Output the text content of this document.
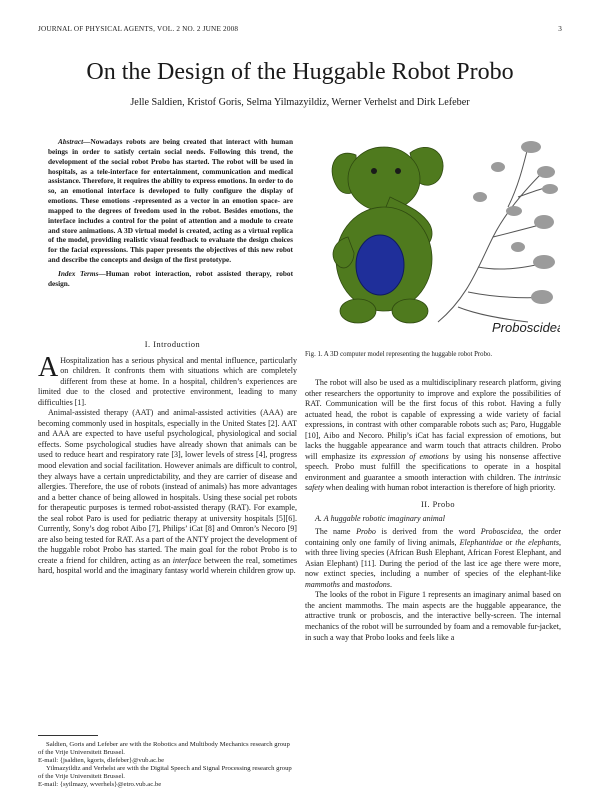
JOURNAL OF PHYSICAL AGENTS, VOL. 2 NO. 2 JUNE 2008	3
On the Design of the Huggable Robot Probo
Jelle Saldien, Kristof Goris, Selma Yilmazyildiz, Werner Verhelst and Dirk Lefeber

Abstract—Nowadays robots are being created that interact with human beings in order to satisfy certain social needs. Following this trend, the development of the social robot Probo has started. The robot will be used in hospitals, as a tele-interface for entertainment, communication and medical assistance. Therefore, it requires the ability to express emotions. In order to do so, an emotional interface is developed to fully configure the display of emotions. These emotions -represented as a vector in an emotion space- are mapped to the degrees of freedom used in the robot. Besides emotions, the interface includes a control for the point of attention and a module to create and store animations. A 3D virtual model is created, acting as a virtual replica of the model, providing realistic visual feedback to evaluate the design choices for the facial expressions. This paper presents the objectives of this new robot and describe the concepts and design of the first prototype.

Index Terms—Human robot interaction, robot assisted therapy, robot design.

Proboscidea
Fig. 1. A 3D computer model representing the huggable robot Probo.

I. Introduction

A Hospitalization has a serious physical and mental influence, particularly on children. It confronts them with situations which are completely different from these at home. In a hospital, children’s experiences are limited due to the closed and protective environment, leading to many difficulties [1].

Animal-assisted therapy (AAT) and animal-assisted activities (AAA) are becoming commonly used in hospitals, especially in the United States [2]. AAT and AAA are expected to have useful psychological, physiological and social effects. Some psychological studies have already shown that animals can be used to reduce heart and respiratory rate [3], lower levels of stress [4], progress mood elevation and social facilitation. However animals are difficult to control, they always have a certain unpredictability, and they are carrier of disease and allergies. Therefore, the use of robots (instead of animals) has more advantages and a better chance of being allowed in hospitals. Using these social pet robots for therapeutic purposes is termed robot-assisted therapy (RAT). For example, the seal robot Paro is used for pediatric therapy at university hospitals [5][6]. Currently, Sony’s dog robot Aibo [7], Philips’ iCat [8] and Omron’s Necoro [9] are also being tested for RAT. As a part of the ANTY project the development of the huggable robot Probo has started. The main goal for the robot Probo is to create a friend for children, acting as an interface between the real, sometimes hard, hospital world and the imaginary fantasy world wherein children grow up.

Saldien, Goris and Lefeber are with the Robotics and Multibody Mechanics research group of the Vrije Universiteit Brussel.
E-mail: {jsaldien, kgoris, dlefeber}@vub.ac.be
Yilmazyildiz and Verhelst are with the Digital Speech and Signal Processing research group of the Vrije Universiteit Brussel.
E-mail: {syilmazy, wverhels}@etro.vub.ac.be

The robot will also be used as a multidisciplinary research platform, giving other researchers the opportunity to improve and explore the possibilities of RAT. Communication will be the first focus of this robot. Having a fully actuated head, the robot is capable of expressing a wide variety of facial expressions, in contrast with other comparable robots such as; Paro, Huggable [10], Aibo and Necoro. Philip’s iCat has facial expression of emotions, but lacks the huggable appearance and warm touch that attracts children. Probo will emphasize its expression of emotions by using his nonsense affective speech. Probo must fulfill the specifications to operate in a hospital environment and guarantee a smooth interaction with children. The intrinsic safety when dealing with human robot interaction is therefore of high priority.

II. Probo

A. A huggable robotic imaginary animal

The name Probo is derived from the word Proboscidea, the order containing only one family of living animals, Elephantidae or the elephants, with three living species (African Bush Elephant, African Forest Elephant, and Asian Elephant) [11]. During the period of the last ice age there were more, now extinct species, including a number of species of the elephant-like mammoths and mastodons.

The looks of the robot in Figure 1 represents an imaginary animal based on the ancient mammoths. The main aspects are the huggable appearance, the attractive trunk or proboscis, and the interactive belly-screen. The internal mechanics of the robot will be surrounded by foam and a removable fur-jacket, in such a way that Probo looks and feels like a
